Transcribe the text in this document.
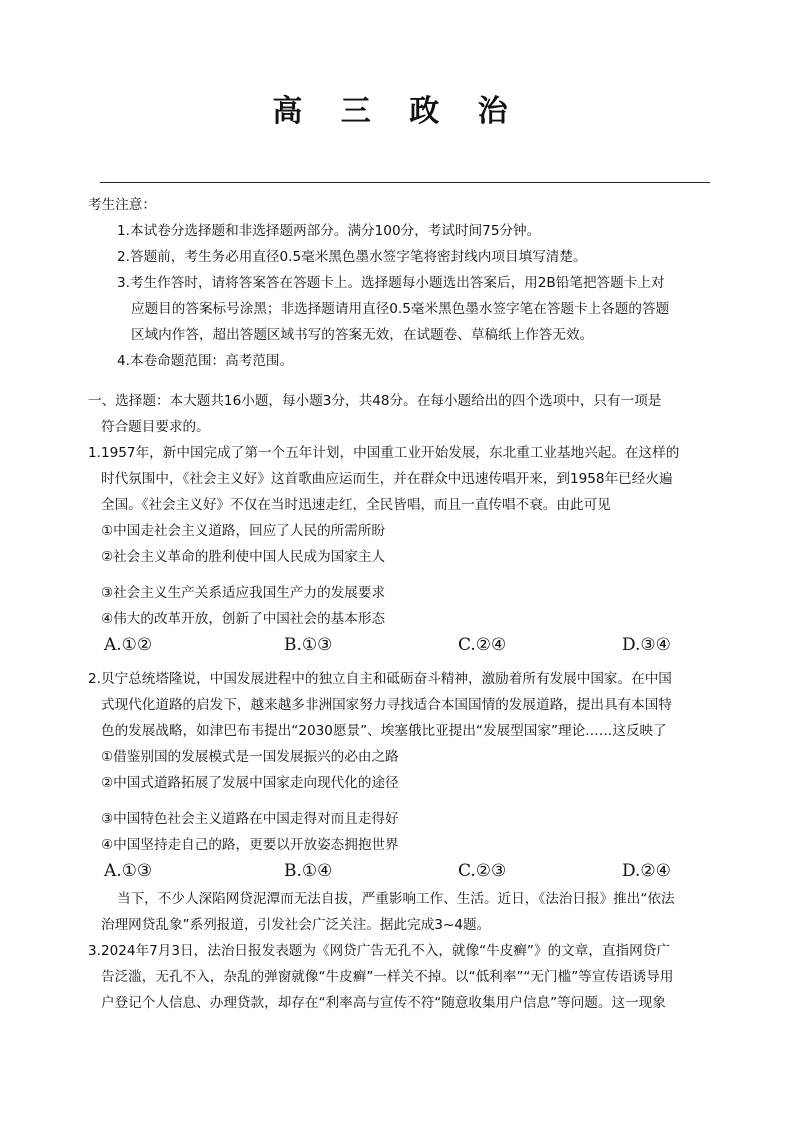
高 三 政 治
考生注意：
1.本试卷分选择题和非选择题两部分。满分100分，考试时间75分钟。
2.答题前，考生务必用直径0.5毫米黑色墨水签字笔将密封线内项目填写清楚。
3.考生作答时，请将答案答在答题卡上。选择题每小题选出答案后，用2B铅笔把答题卡上对
应题目的答案标号涂黑；非选择题请用直径0.5毫米黑色墨水签字笔在答题卡上各题的答题
区域内作答，超出答题区域书写的答案无效，在试题卷、草稿纸上作答无效。
4.本卷命题范围：高考范围。
一、选择题：本大题共16小题，每小题3分，共48分。在每小题给出的四个选项中，只有一项是
符合题目要求的。
1.1957年，新中国完成了第一个五年计划，中国重工业开始发展，东北重工业基地兴起。在这样的
时代氛围中，《社会主义好》这首歌曲应运而生，并在群众中迅速传唱开来，到1958年已经火遍
全国。《社会主义好》不仅在当时迅速走红，全民皆唱，而且一直传唱不衰。由此可见
①中国走社会主义道路，回应了人民的所需所盼
②社会主义革命的胜利使中国人民成为国家主人
③社会主义生产关系适应我国生产力的发展要求
④伟大的改革开放，创新了中国社会的基本形态
A.①②	B.①③	C.②④	D.③④
2.贝宁总统塔隆说，中国发展进程中的独立自主和砥砺奋斗精神，激励着所有发展中国家。在中国
式现代化道路的启发下，越来越多非洲国家努力寻找适合本国国情的发展道路，提出具有本国特
色的发展战略，如津巴布韦提出“2030愿景”、埃塞俄比亚提出“发展型国家”理论……这反映了
①借鉴别国的发展模式是一国发展振兴的必由之路
②中国式道路拓展了发展中国家走向现代化的途径
③中国特色社会主义道路在中国走得对而且走得好
④中国坚持走自己的路，更要以开放姿态拥抱世界
A.①③	B.①④	C.②③	D.②④
当下，不少人深陷网贷泥潭而无法自拔，严重影响工作、生活。近日，《法治日报》推出“依法
治理网贷乱象”系列报道，引发社会广泛关注。据此完成3~4题。
3.2024年7月3日，法治日报发表题为《网贷广告无孔不入，就像“牛皮癣”》的文章，直指网贷广
告泛滥，无孔不入，杂乱的弹窗就像“牛皮癣”一样关不掉。以“低利率”“无门槛”等宣传语诱导用
户登记个人信息、办理贷款，却存在“利率高与宣传不符“随意收集用户信息”等问题。这一现象
